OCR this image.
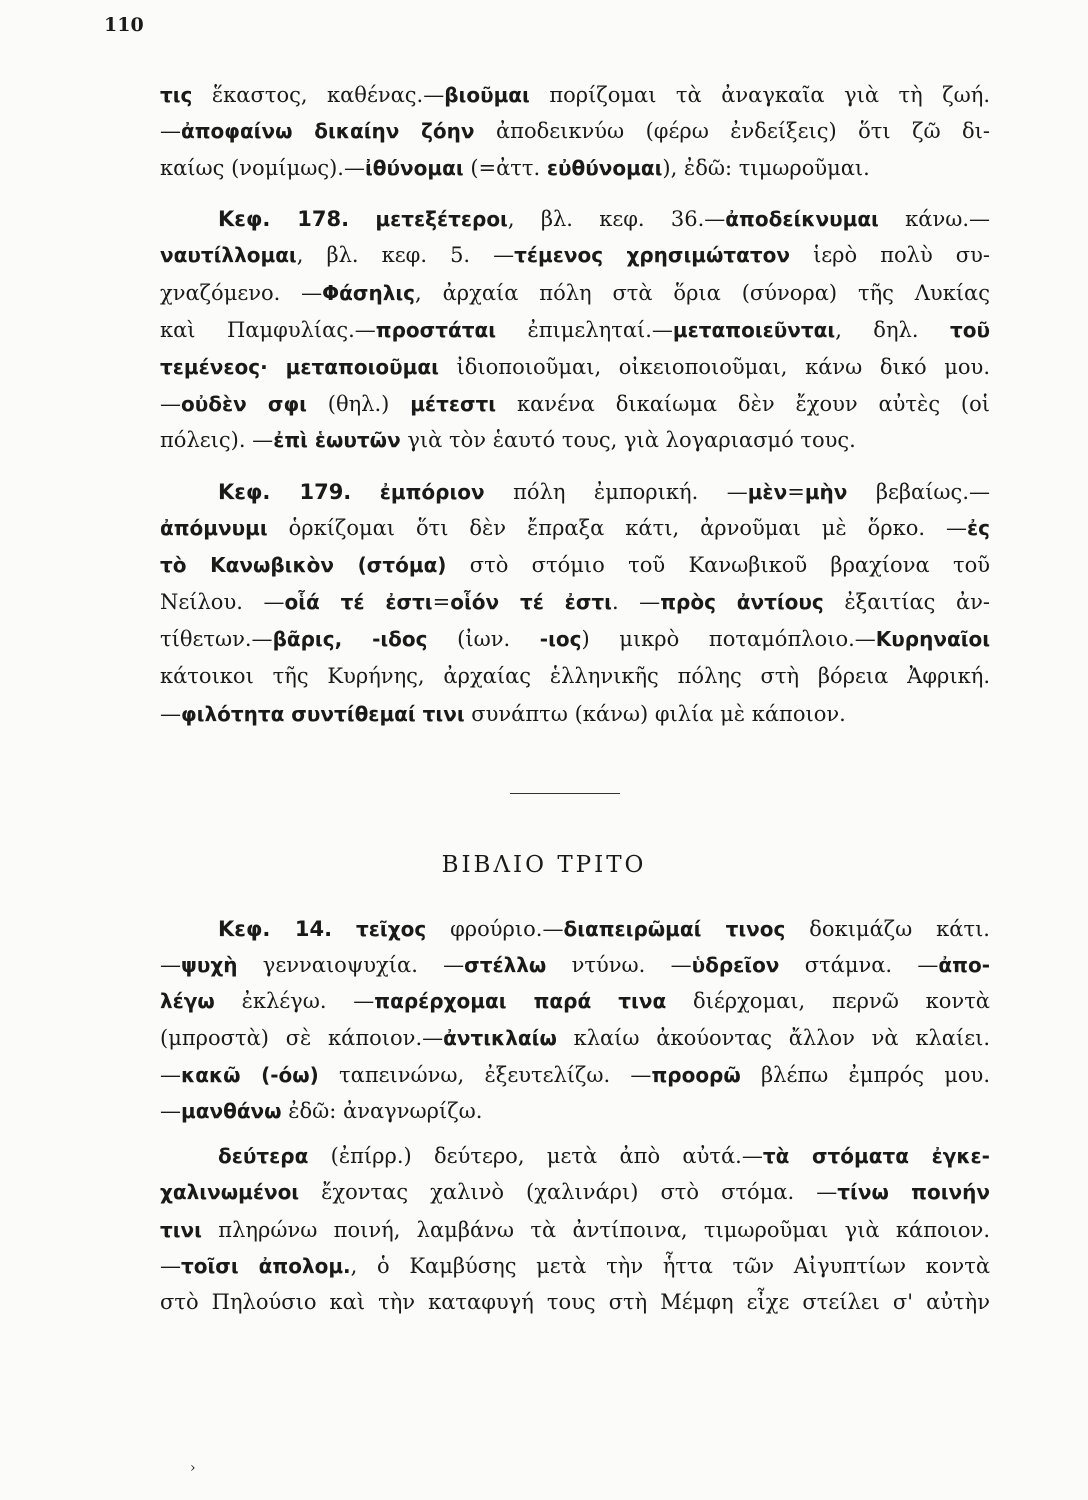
110
τις ἕκαστος, καθένας.—βιοῦμαι πορίζομαι τὰ ἀναγκαῖα γιὰ τὴ ζωή.
—ἀποφαίνω δικαίην ζόην ἀποδεικνύω (φέρω ἐνδείξεις) ὅτι ζῶ δι-
καίως (νομίμως).—ἰθύνομαι (=ἀττ. εὐθύνομαι), ἐδῶ: τιμωροῦμαι.
Κεφ. 178. μετεξέτεροι, βλ. κεφ. 36.—ἀποδείκνυμαι κάνω.—
ναυτίλλομαι, βλ. κεφ. 5. —τέμενος χρησιμώτατον ἱερὸ πολὺ συ-
χναζόμενο. —Φάσηλις, ἀρχαία πόλη στὰ ὅρια (σύνορα) τῆς Λυκίας
καὶ Παμφυλίας.—προστάται ἐπιμεληταί.—μεταποιεῦνται, δηλ. τοῦ
τεμένεος· μεταποιοῦμαι ἰδιοποιοῦμαι, οἰκειοποιοῦμαι, κάνω δικό μου.
—οὐδὲν σφι (θηλ.) μέτεστι κανένα δικαίωμα δὲν ἔχουν αὐτὲς (οἱ
πόλεις). —ἐπὶ ἑωυτῶν γιὰ τὸν ἑαυτό τους, γιὰ λογαριασμό τους.
Κεφ. 179. ἐμπόριον πόλη ἐμπορική. —μὲν=μὴν βεβαίως.—
ἀπόμνυμι ὁρκίζομαι ὅτι δὲν ἔπραξα κάτι, ἀρνοῦμαι μὲ ὅρκο. —ἐς
τὸ Κανωβικὸν (στόμα) στὸ στόμιο τοῦ Κανωβικοῦ βραχίονα τοῦ
Νείλου. —οἷά τέ ἐστι=οἷόν τέ ἐστι. —πρὸς ἀντίους ἐξαιτίας ἀν-
τίθετων.—βᾶρις, -ιδος (ἰων. -ιος) μικρὸ ποταμόπλοιο.—Κυρηναῖοι
κάτοικοι τῆς Κυρήνης, ἀρχαίας ἑλληνικῆς πόλης στὴ βόρεια Ἀφρική.
—φιλότητα συντίθεμαί τινι συνάπτω (κάνω) φιλία μὲ κάποιον.
ΒΙΒΛΙΟ ΤΡΙΤΟ
Κεφ. 14. τεῖχος φρούριο.—διαπειρῶμαί τινος δοκιμάζω κάτι.
—ψυχὴ γενναιοψυχία. —στέλλω ντύνω. —ὑδρεῖον στάμνα. —ἀπο-
λέγω ἐκλέγω. —παρέρχομαι παρά τινα διέρχομαι, περνῶ κοντὰ
(μπροστὰ) σὲ κάποιον.—ἀντικλαίω κλαίω ἀκούοντας ἄλλον νὰ κλαίει.
—κακῶ (-όω) ταπεινώνω, ἐξευτελίζω. —προορῶ βλέπω ἐμπρός μου.
—μανθάνω ἐδῶ: ἀναγνωρίζω.
δεύτερα (ἐπίρρ.) δεύτερο, μετὰ ἀπὸ αὐτά.—τὰ στόματα ἐγκε-
χαλινωμένοι ἔχοντας χαλινὸ (χαλινάρι) στὸ στόμα. —τίνω ποινήν
τινι πληρώνω ποινή, λαμβάνω τὰ ἀντίποινα, τιμωροῦμαι γιὰ κάποιον.
—τοῖσι ἀπολομ., ὁ Καμβύσης μετὰ τὴν ἧττα τῶν Αἰγυπτίων κοντὰ
στὸ Πηλούσιο καὶ τὴν καταφυγή τους στὴ Μέμφη εἶχε στείλει σ' αὐτὴν
›
